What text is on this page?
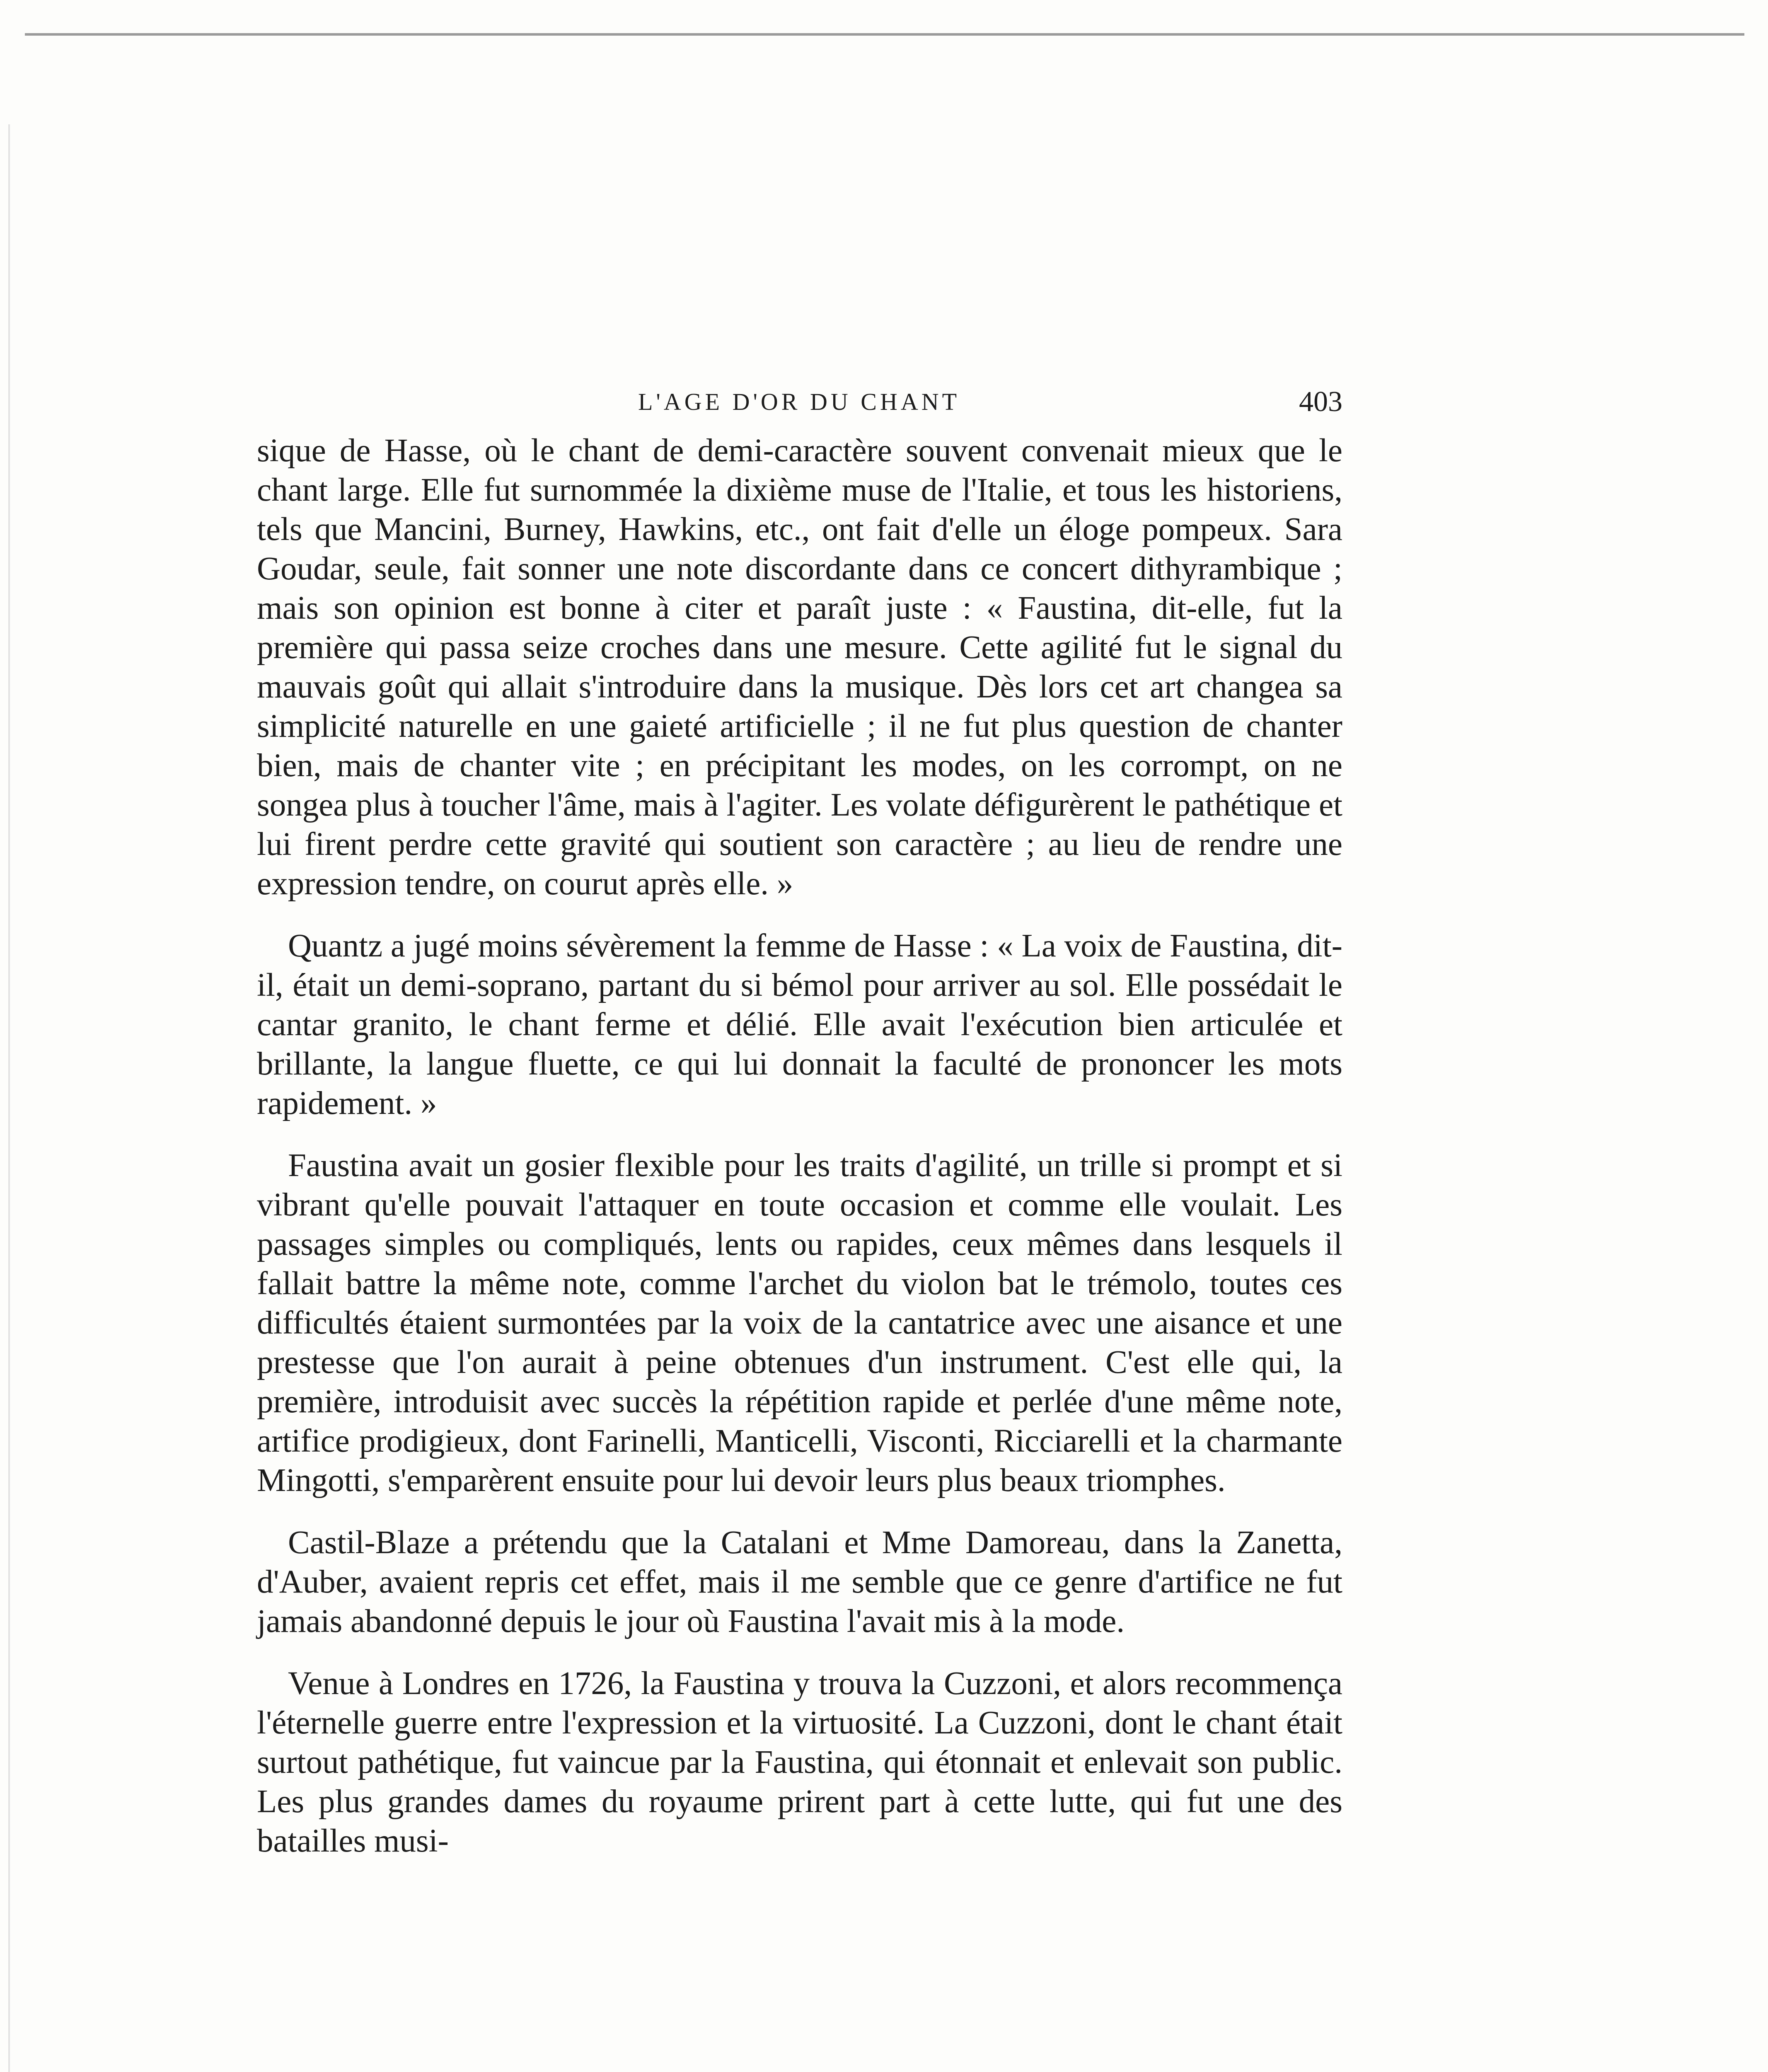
L'AGE D'OR DU CHANT	403

sique de Hasse, où le chant de demi-caractère souvent convenait mieux que le chant large. Elle fut surnommée la dixième muse de l'Italie, et tous les historiens, tels que Mancini, Burney, Hawkins, etc., ont fait d'elle un éloge pompeux. Sara Goudar, seule, fait sonner une note discordante dans ce concert dithyrambique ; mais son opinion est bonne à citer et paraît juste : « Faustina, dit-elle, fut la première qui passa seize croches dans une mesure. Cette agilité fut le signal du mauvais goût qui allait s'introduire dans la musique. Dès lors cet art changea sa simplicité naturelle en une gaieté artificielle ; il ne fut plus question de chanter bien, mais de chanter vite ; en précipitant les modes, on les corrompt, on ne songea plus à toucher l'âme, mais à l'agiter. Les volate défigurèrent le pathétique et lui firent perdre cette gravité qui soutient son caractère ; au lieu de rendre une expression tendre, on courut après elle. »

Quantz a jugé moins sévèrement la femme de Hasse : « La voix de Faustina, dit-il, était un demi-soprano, partant du si bémol pour arriver au sol. Elle possédait le cantar granito, le chant ferme et délié. Elle avait l'exécution bien articulée et brillante, la langue fluette, ce qui lui donnait la faculté de prononcer les mots rapidement. »

Faustina avait un gosier flexible pour les traits d'agilité, un trille si prompt et si vibrant qu'elle pouvait l'attaquer en toute occasion et comme elle voulait. Les passages simples ou compliqués, lents ou rapides, ceux mêmes dans lesquels il fallait battre la même note, comme l'archet du violon bat le trémolo, toutes ces difficultés étaient surmontées par la voix de la cantatrice avec une aisance et une prestesse que l'on aurait à peine obtenues d'un instrument. C'est elle qui, la première, introduisit avec succès la répétition rapide et perlée d'une même note, artifice prodigieux, dont Farinelli, Manticelli, Visconti, Ricciarelli et la charmante Mingotti, s'emparèrent ensuite pour lui devoir leurs plus beaux triomphes.

Castil-Blaze a prétendu que la Catalani et Mme Damoreau, dans la Zanetta, d'Auber, avaient repris cet effet, mais il me semble que ce genre d'artifice ne fut jamais abandonné depuis le jour où Faustina l'avait mis à la mode.

Venue à Londres en 1726, la Faustina y trouva la Cuzzoni, et alors recommença l'éternelle guerre entre l'expression et la virtuosité. La Cuzzoni, dont le chant était surtout pathétique, fut vaincue par la Faustina, qui étonnait et enlevait son public. Les plus grandes dames du royaume prirent part à cette lutte, qui fut une des batailles musi-
